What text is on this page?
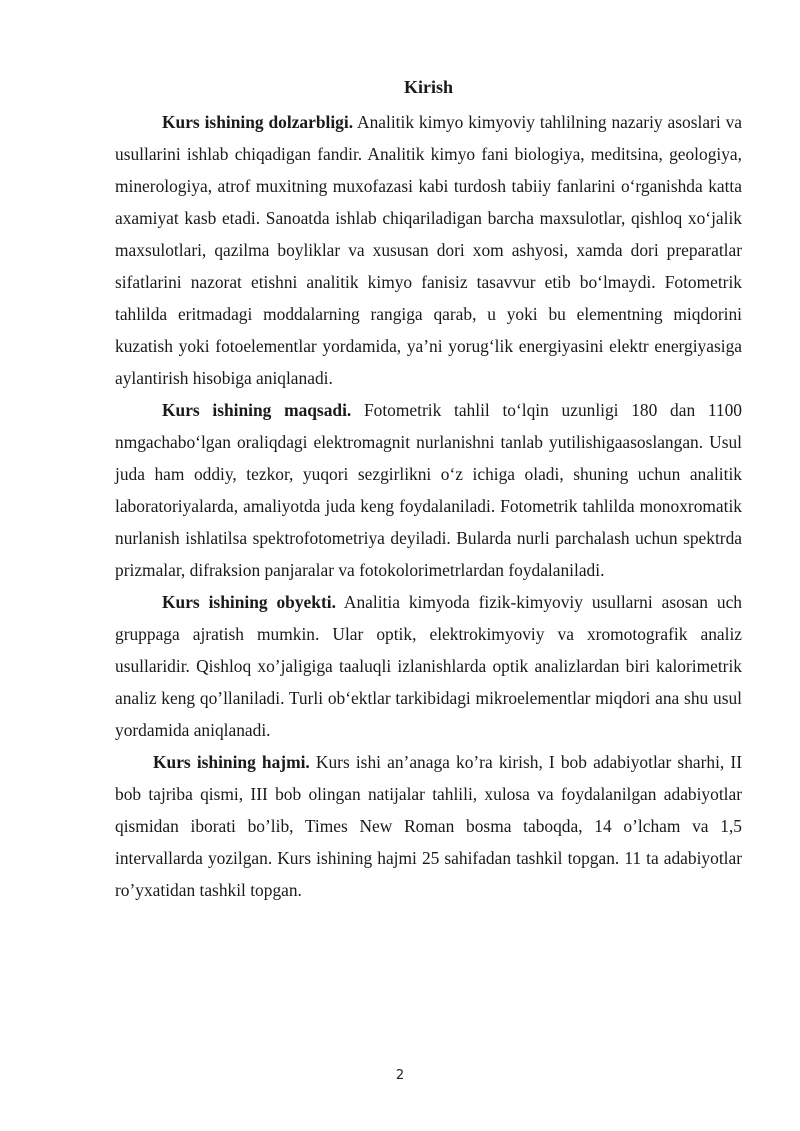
Kirish

Kurs ishining dolzarbligi. Analitik kimyo kimyoviy tahlilning nazariy asoslari va usullarini ishlab chiqadigan fandir. Analitik kimyo fani biologiya, meditsina, geologiya, minerologiya, atrof muxitning muxofazasi kabi turdosh tabiiy fanlarini oʻrganishda katta axamiyat kasb etadi. Sanoatda ishlab chiqariladigan barcha maxsulotlar, qishloq xoʻjalik maxsulotlari, qazilma boyliklar va xususan dori xom ashyosi, xamda dori preparatlar sifatlarini nazorat etishni analitik kimyo fanisiz tasavvur etib boʻlmaydi. Fotometrik tahlilda eritmadagi moddalarning rangiga qarab, u yoki bu elementning miqdorini kuzatish yoki fotoelementlar yordamida, ya’ni yorugʻlik energiyasini elektr energiyasiga aylantirish hisobiga aniqlanadi.

Kurs ishining maqsadi. Fotometrik tahlil toʻlqin uzunligi 180 dan 1100 nmgachaboʻlgan oraliqdagi elektromagnit nurlanishni tanlab yutilishigaasoslangan. Usul juda ham oddiy, tezkor, yuqori sezgirlikni oʻz ichiga oladi, shuning uchun analitik laboratoriyalarda, amaliyotda juda keng foydalaniladi. Fotometrik tahlilda monoxromatik nurlanish ishlatilsa spektrofotometriya deyiladi. Bularda nurli parchalash uchun spektrda prizmalar, difraksion panjaralar va fotokolorimetrlardan foydalaniladi.

Kurs ishining obyekti. Analitia kimyoda fizik-kimyoviy usullarni asosan uch gruppaga ajratish mumkin. Ular optik, elektrokimyoviy va xromotografik analiz usullaridir. Qishloq xo’jaligiga taaluqli izlanishlarda optik analizlardan biri kalorimetrik analiz keng qo’llaniladi. Turli obʻektlar tarkibidagi mikroelementlar miqdori ana shu usul yordamida aniqlanadi.

Kurs ishining hajmi. Kurs ishi an’anaga ko’ra kirish, I bob adabiyotlar sharhi, II bob tajriba qismi, III bob olingan natijalar tahlili, xulosa va foydalanilgan adabiyotlar qismidan iborati bo’lib, Times New Roman bosma taboqda, 14 o’lcham va 1,5 intervallarda yozilgan. Kurs ishining hajmi 25 sahifadan tashkil topgan. 11 ta adabiyotlar ro’yxatidan tashkil topgan.

2
